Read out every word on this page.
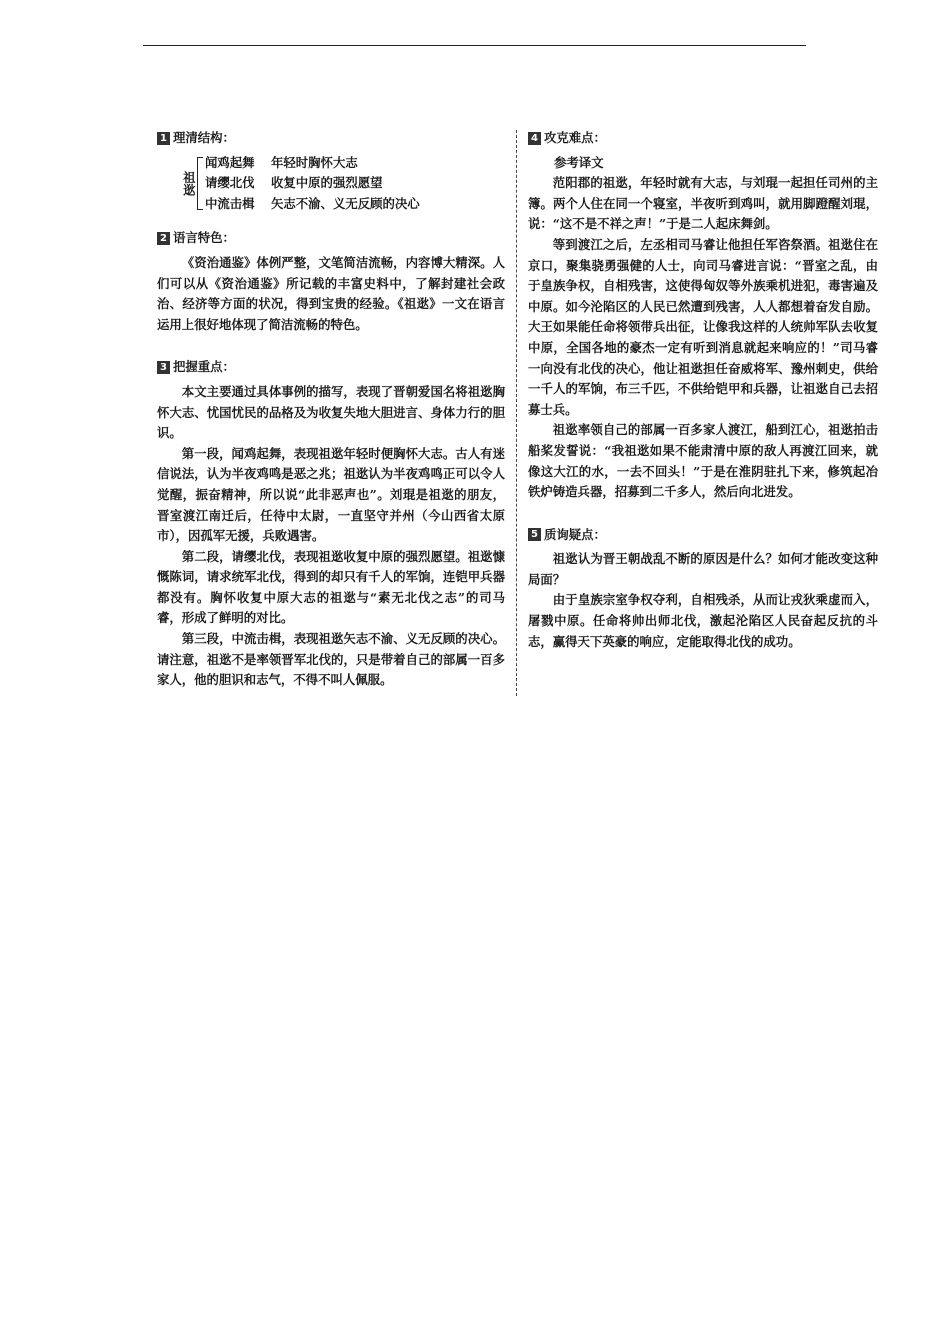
1 理清结构：
祖逖
闻鸡起舞 年轻时胸怀大志
请缨北伐 收复中原的强烈愿望
中流击楫 矢志不渝、义无反顾的决心
2 语言特色：

《资治通鉴》体例严整，文笔简洁流畅，内容博大精深。人们可以从《资治通鉴》所记载的丰富史料中，了解封建社会政治、经济等方面的状况，得到宝贵的经验。《祖逖》一文在语言运用上很好地体现了简洁流畅的特色。

3 把握重点：

本文主要通过具体事例的描写，表现了晋朝爱国名将祖逖胸怀大志、忧国忧民的品格及为收复失地大胆进言、身体力行的胆识。

第一段，闻鸡起舞，表现祖逖年轻时便胸怀大志。古人有迷信说法，认为半夜鸡鸣是恶之兆；祖逖认为半夜鸡鸣正可以令人觉醒，振奋精神，所以说“此非恶声也”。刘琨是祖逖的朋友，晋室渡江南迁后，任待中太尉，一直坚守并州（今山西省太原市），因孤军无援，兵败遇害。

第二段，请缨北伐，表现祖逖收复中原的强烈愿望。祖逖慷慨陈词，请求统军北伐，得到的却只有千人的军饷，连铠甲兵器都没有。胸怀收复中原大志的祖逖与“素无北伐之志”的司马睿，形成了鲜明的对比。

第三段，中流击楫，表现祖逖矢志不渝、义无反顾的决心。请注意，祖逖不是率领晋军北伐的，只是带着自己的部属一百多家人，他的胆识和志气，不得不叫人佩服。

4 攻克难点：

参考译文

范阳郡的祖逖，年轻时就有大志，与刘琨一起担任司州的主簿。两个人住在同一个寝室，半夜听到鸡叫，就用脚蹬醒刘琨，说：“这不是不祥之声！”于是二人起床舞剑。

等到渡江之后，左丞相司马睿让他担任军咨祭酒。祖逖住在京口，聚集骁勇强健的人士，向司马睿进言说：“晋室之乱，由于皇族争权，自相残害，这使得匈奴等外族乘机进犯，毒害遍及中原。如今沦陷区的人民已然遭到残害，人人都想着奋发自励。大王如果能任命将领带兵出征，让像我这样的人统帅军队去收复中原，全国各地的豪杰一定有听到消息就起来响应的！”司马睿一向没有北伐的决心，他让祖逖担任奋威将军、豫州刺史，供给一千人的军饷，布三千匹，不供给铠甲和兵器，让祖逖自己去招募士兵。

祖逖率领自己的部属一百多家人渡江，船到江心，祖逖拍击船桨发誓说：“我祖逖如果不能肃清中原的敌人再渡江回来，就像这大江的水，一去不回头！”于是在淮阴驻扎下来，修筑起冶铁炉铸造兵器，招募到二千多人，然后向北进发。

5 质询疑点：

祖逖认为晋王朝战乱不断的原因是什么？如何才能改变这种局面？

由于皇族宗室争权夺利，自相残杀，从而让戎狄乘虚而入，屠戮中原。任命将帅出师北伐，激起沦陷区人民奋起反抗的斗志，赢得天下英豪的响应，定能取得北伐的成功。
